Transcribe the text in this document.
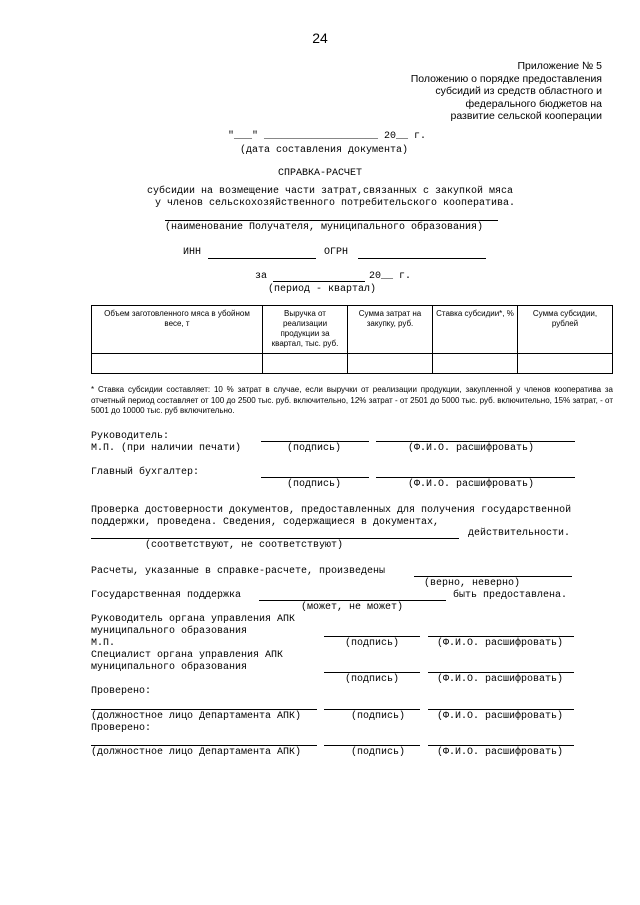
24
Приложение № 5
Положению о порядке предоставления
субсидий из средств областного и
федерального бюджетов на
развитие сельской кооперации
"___" ___________________ 20__ г.
(дата составления документа)
СПРАВКА-РАСЧЕТ
субсидии на возмещение части затрат,связанных с закупкой мяса
у членов сельскохозяйственного потребительского кооператива.
(наименование Получателя, муниципального образования)
ИНН	ОГРН
за	20__ г.
(период - квартал)
Объем заготовленного мяса в убойном весе, т	Выручка от реализации продукции за квартал, тыс. руб.	Сумма затрат на закупку, руб.	Ставка субсидии*, %	Сумма субсидии, рублей

* Ставка субсидии составляет: 10 % затрат в случае, если выручки от реализации продукции, закупленной у членов кооператива за отчетный период составляет от 100 до 2500 тыс. руб. включительно, 12% затрат - от 2501 до 5000 тыс. руб. включительно, 15% затрат, - от 5001 до 10000 тыс. руб включительно.
Руководитель:
М.П. (при наличии печати)	(подпись)	(Ф.И.О. расшифровать)
Главный бухгалтер:
(подпись)	(Ф.И.О. расшифровать)
Проверка достоверности документов, предоставленных для получения государственной
поддержки, проведена. Сведения, содержащиеся в документах,
действительности.
(соответствуют, не соответствуют)
Расчеты, указанные в справке-расчете, произведены
(верно, неверно)
Государственная поддержка	быть предоставлена.
(может, не может)
Руководитель органа управления АПК
муниципального образования
М.П.	(подпись)	(Ф.И.О. расшифровать)
Специалист органа управления АПК
муниципального образования
(подпись)	(Ф.И.О. расшифровать)
Проверено:
(должностное лицо Департамента АПК)	(подпись)	(Ф.И.О. расшифровать)
Проверено:
(должностное лицо Департамента АПК)	(подпись)	(Ф.И.О. расшифровать)
